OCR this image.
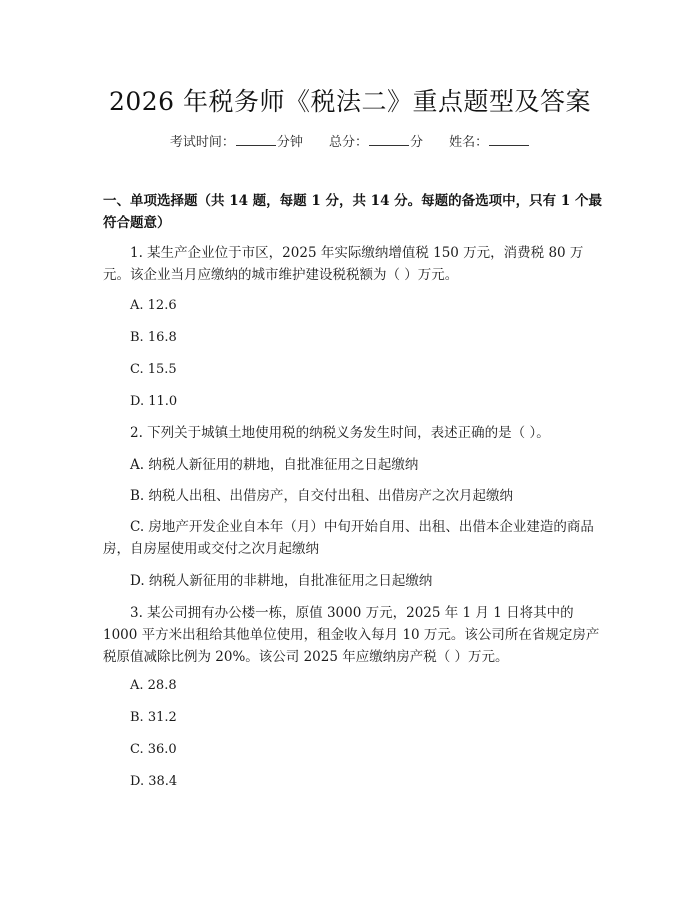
2026 年税务师《税法二》重点题型及答案
考试时间：	分钟 总分：	分 姓名：
一、单项选择题（共 14 题，每题 1 分，共 14 分。每题的备选项中，只有 1 个最符合题意）
1. 某生产企业位于市区，2025 年实际缴纳增值税 150 万元，消费税 80 万元。该企业当月应缴纳的城市维护建设税税额为（ ）万元。
A. 12.6
B. 16.8
C. 15.5
D. 11.0
2. 下列关于城镇土地使用税的纳税义务发生时间，表述正确的是（ ）。
A. 纳税人新征用的耕地，自批准征用之日起缴纳
B. 纳税人出租、出借房产，自交付出租、出借房产之次月起缴纳
C. 房地产开发企业自本年（月）中旬开始自用、出租、出借本企业建造的商品房，自房屋使用或交付之次月起缴纳
D. 纳税人新征用的非耕地，自批准征用之日起缴纳
3. 某公司拥有办公楼一栋，原值 3000 万元，2025 年 1 月 1 日将其中的 1000 平方米出租给其他单位使用，租金收入每月 10 万元。该公司所在省规定房产税原值减除比例为 20%。该公司 2025 年应缴纳房产税（ ）万元。
A. 28.8
B. 31.2
C. 36.0
D. 38.4
